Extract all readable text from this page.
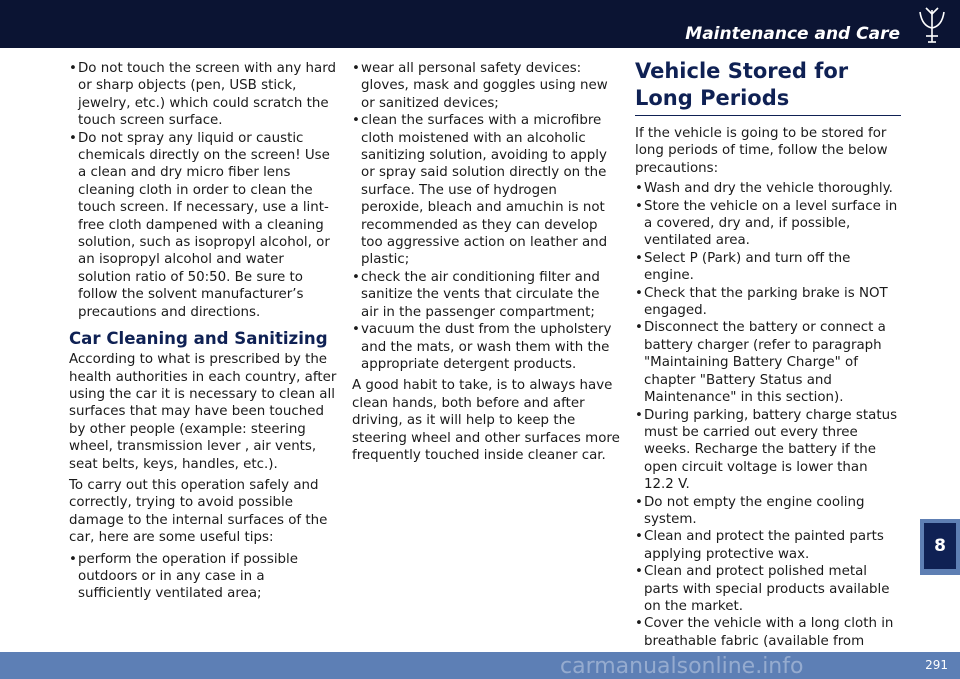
Maintenance and Care

• Do not touch the screen with any hard or sharp objects (pen, USB stick, jewelry, etc.) which could scratch the touch screen surface.

• Do not spray any liquid or caustic chemicals directly on the screen! Use a clean and dry micro fiber lens cleaning cloth in order to clean the touch screen. If necessary, use a lint-free cloth dampened with a cleaning solution, such as isopropyl alcohol, or an isopropyl alcohol and water solution ratio of 50:50. Be sure to follow the solvent manufacturer’s precautions and directions.

Car Cleaning and Sanitizing

According to what is prescribed by the health authorities in each country, after using the car it is necessary to clean all surfaces that may have been touched by other people (example: steering wheel, transmission lever , air vents, seat belts, keys, handles, etc.).

To carry out this operation safely and correctly, trying to avoid possible damage to the internal surfaces of the car, here are some useful tips:

• perform the operation if possible outdoors or in any case in a sufficiently ventilated area;

• wear all personal safety devices: gloves, mask and goggles using new or sanitized devices;

• clean the surfaces with a microfibre cloth moistened with an alcoholic sanitizing solution, avoiding to apply or spray said solution directly on the surface. The use of hydrogen peroxide, bleach and amuchin is not recommended as they can develop too aggressive action on leather and plastic;

• check the air conditioning filter and sanitize the vents that circulate the air in the passenger compartment;

• vacuum the dust from the upholstery and the mats, or wash them with the appropriate detergent products.

A good habit to take, is to always have clean hands, both before and after driving, as it will help to keep the steering wheel and other surfaces more frequently touched inside cleaner car.

Vehicle Stored for Long Periods

If the vehicle is going to be stored for long periods of time, follow the below precautions:

• Wash and dry the vehicle thoroughly.

• Store the vehicle on a level surface in a covered, dry and, if possible, ventilated area.

• Select P (Park) and turn off the engine.

• Check that the parking brake is NOT engaged.

• Disconnect the battery or connect a battery charger (refer to paragraph "Maintaining Battery Charge" of chapter "Battery Status and Maintenance" in this section).

• During parking, battery charge status must be carried out every three weeks. Recharge the battery if the open circuit voltage is lower than 12.2 V.

• Do not empty the engine cooling system.

• Clean and protect the painted parts applying protective wax.

• Clean and protect polished metal parts with special products available on the market.

• Cover the vehicle with a long cloth in breathable fabric (available from

8
carmanualsonline.info	291
